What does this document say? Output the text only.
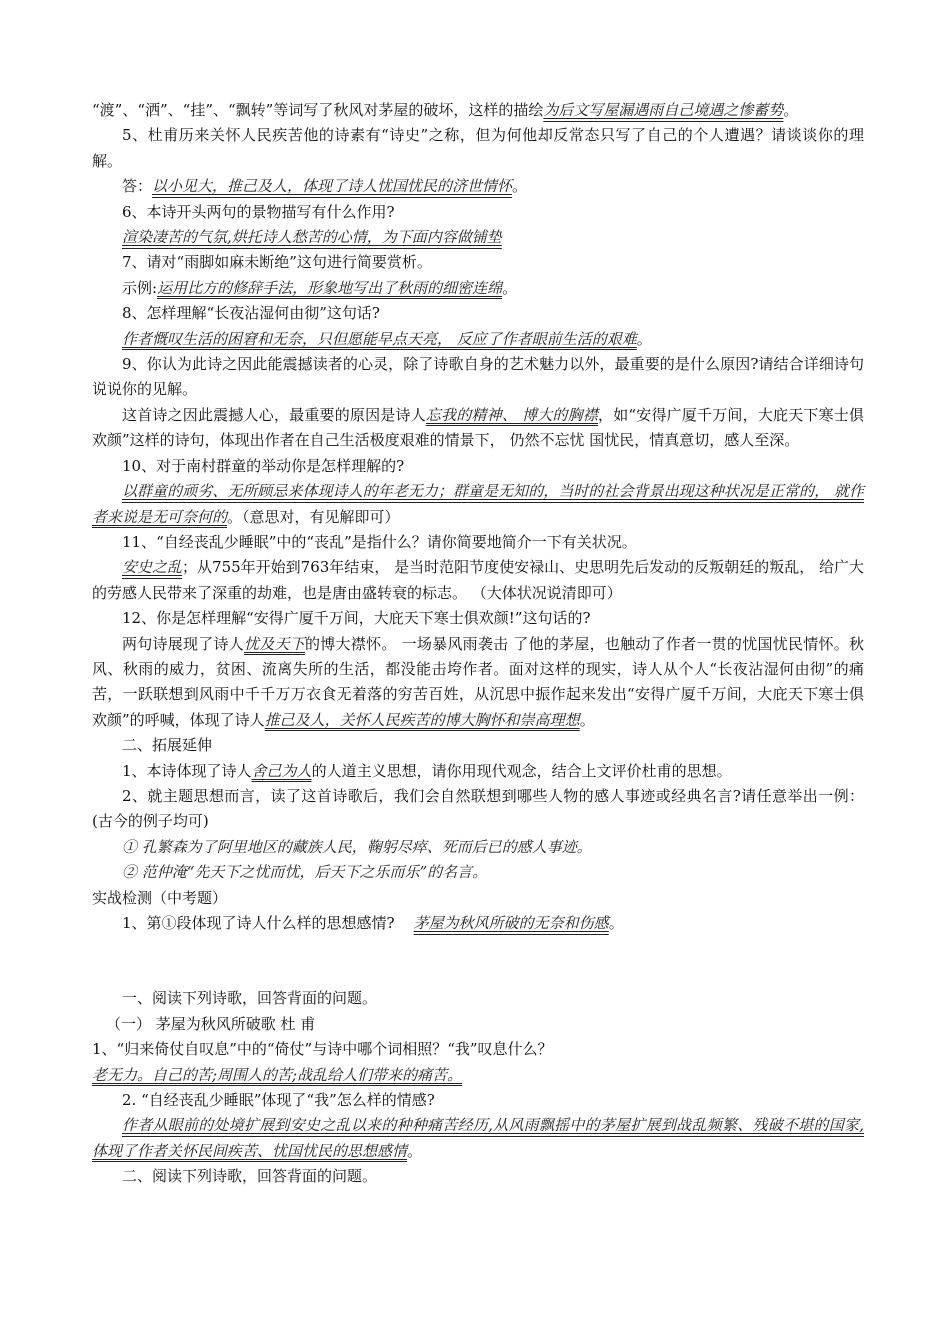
“渡”、“洒”、“挂”、“飘转”等词写了秋风对茅屋的破坏，这样的描绘为后文写屋漏遇雨自己境遇之惨蓄势。

5、杜甫历来关怀人民疾苦他的诗素有“诗史”之称，但为何他却反常态只写了自己的个人遭遇？请谈谈你的理解。

答：以小见大，推己及人，体现了诗人忧国忧民的济世情怀。

6、本诗开头两句的景物描写有什么作用?

渲染凄苦的气氛,烘托诗人愁苦的心情，为下面内容做铺垫

7、请对“雨脚如麻未断绝”这句进行简要赏析。

示例:运用比方的修辞手法，形象地写出了秋雨的细密连绵。

8、怎样理解“长夜沾湿何由彻”这句话?

作者慨叹生活的困窘和无奈，只但愿能早点天亮， 反应了作者眼前生活的艰难。

9、你认为此诗之因此能震撼读者的心灵，除了诗歌自身的艺术魅力以外，最重要的是什么原因?请结合详细诗句说说你的见解。

这首诗之因此震撼人心，最重要的原因是诗人忘我的精神、 博大的胸襟，如“安得广厦千万间，大庇天下寒士俱欢颜”这样的诗句，体现出作者在自己生活极度艰难的情景下， 仍然不忘忧 国忧民，情真意切，感人至深。

10、对于南村群童的举动你是怎样理解的?

以群童的顽劣、无所顾忌来体现诗人的年老无力；群童是无知的，当时的社会背景出现这种状况是正常的， 就作者来说是无可奈何的。（意思对，有见解即可）

11、“自经丧乱少睡眠”中的“丧乱”是指什么？请你简要地简介一下有关状况。

安史之乱；从755年开始到763年结束， 是当时范阳节度使安禄山、史思明先后发动的反叛朝廷的叛乱， 给广大的劳感人民带来了深重的劫难，也是唐由盛转衰的标志。 （大体状况说清即可）

12、你是怎样理解“安得广厦千万间，大庇天下寒士俱欢颜!”这句话的?

两句诗展现了诗人忧及天下的博大襟怀。 一场暴风雨袭击 了他的茅屋，也触动了作者一贯的忧国忧民情怀。秋风、秋雨的威力，贫困、流离失所的生活，都没能击垮作者。面对这样的现实，诗人从个人“长夜沾湿何由彻”的痛苦，一跃联想到风雨中千千万万衣食无着落的穷苦百姓，从沉思中振作起来发出“安得广厦千万间，大庇天下寒士俱欢颜”的呼喊，体现了诗人推己及人，关怀人民疾苦的博大胸怀和崇高理想。

二、拓展延伸

1、本诗体现了诗人舍己为人的人道主义思想，请你用现代观念，结合上文评价杜甫的思想。

2、就主题思想而言，读了这首诗歌后，我们会自然联想到哪些人物的感人事迹或经典名言?请任意举出一例：(古今的例子均可)

① 孔繁森为了阿里地区的藏族人民，鞠躬尽瘁、死而后已的感人事迹。

② 范仲淹“先天下之忧而忧，后天下之乐而乐”的名言。

实战检测（中考题）

1、第①段体现了诗人什么样的思想感情? 茅屋为秋风所破的无奈和伤感。

一、阅读下列诗歌，回答背面的问题。

（一） 茅屋为秋风所破歌 杜 甫

1、“归来倚仗自叹息”中的“倚仗”与诗中哪个词相照？“我”叹息什么？

老无力。自己的苦;周围人的苦;战乱给人们带来的痛苦。

2. “自经丧乱少睡眠”体现了“我”怎么样的情感?

作者从眼前的处境扩展到安史之乱以来的种种痛苦经历,从风雨飘摇中的茅屋扩展到战乱频繁、残破不堪的国家,体现了作者关怀民间疾苦、忧国忧民的思想感情。

二、阅读下列诗歌，回答背面的问题。
